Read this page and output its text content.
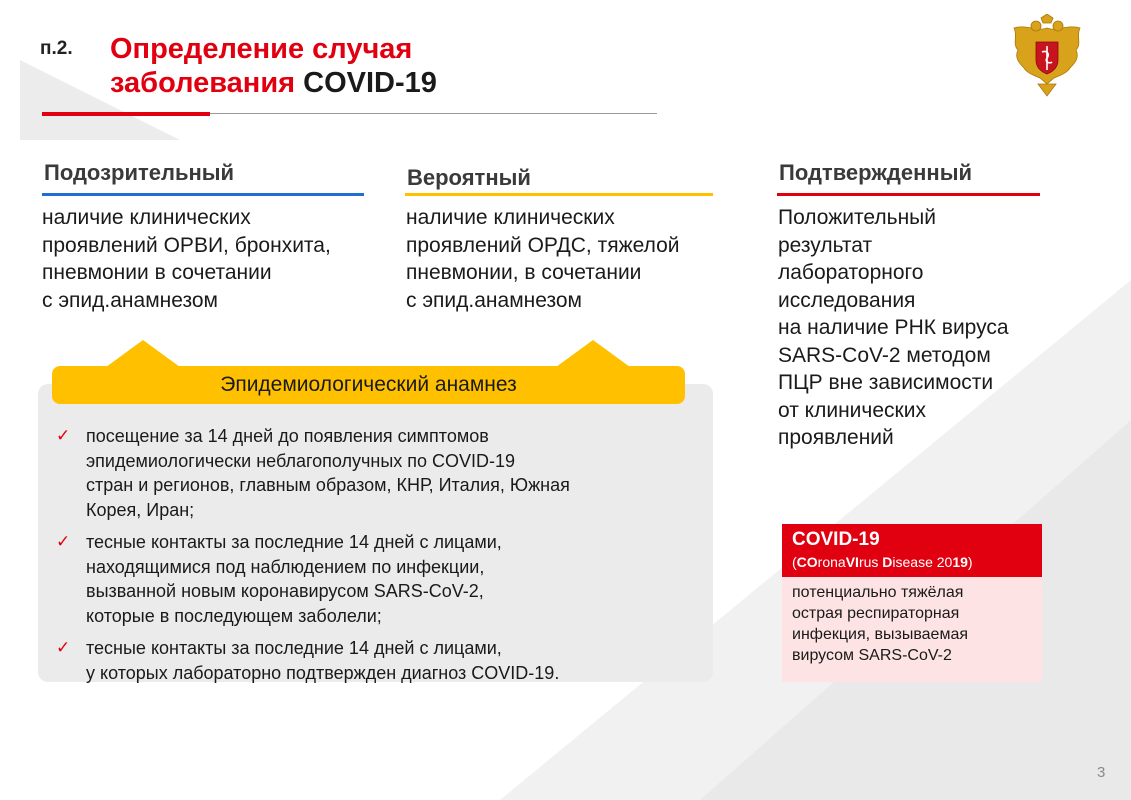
п.2. Определение случая
заболевания COVID-19
Подозрительный
наличие клинических
проявлений ОРВИ, бронхита,
пневмонии в сочетании
с эпид.анамнезом
Вероятный
наличие клинических
проявлений ОРДС, тяжелой
пневмонии, в сочетании
с эпид.анамнезом
Подтвержденный
Положительный
результат
лабораторного
исследования
на наличие РНК вируса
SARS-CoV-2 методом
ПЦР вне зависимости
от клинических
проявлений
Эпидемиологический анамнез
✓ посещение за 14 дней до появления симптомов
эпидемиологически неблагополучных по COVID-19
стран и регионов, главным образом, КНР, Италия, Южная
Корея, Иран;
✓ тесные контакты за последние 14 дней с лицами,
находящимися под наблюдением по инфекции,
вызванной новым коронавирусом SARS-CoV-2,
которые в последующем заболели;
✓ тесные контакты за последние 14 дней с лицами,
у которых лабораторно подтвержден диагноз COVID-19.
COVID-19
(COronaVIrus Disease 2019)
потенциально тяжёлая
острая респираторная
инфекция, вызываемая
вирусом SARS-CoV-2
3
